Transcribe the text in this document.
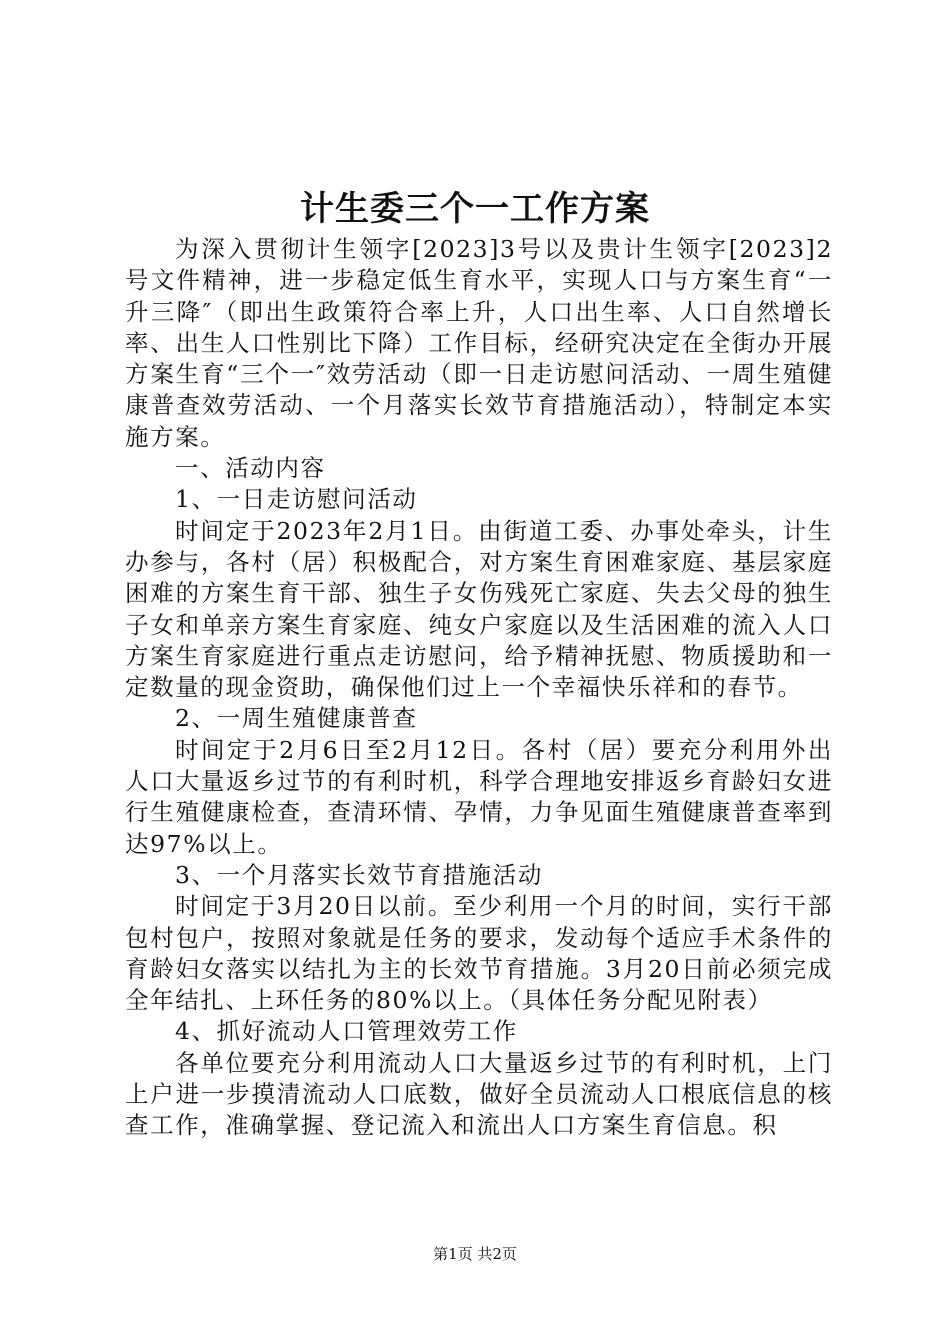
计生委三个一工作方案

为深入贯彻计生领字[2023]3号以及贵计生领字[2023]2号文件精神，进一步稳定低生育水平，实现人口与方案生育“一升三降″（即出生政策符合率上升，人口出生率、人口自然增长率、出生人口性别比下降）工作目标，经研究决定在全街办开展方案生育“三个一″效劳活动（即一日走访慰问活动、一周生殖健康普查效劳活动、一个月落实长效节育措施活动），特制定本实施方案。

一、活动内容

1、一日走访慰问活动

时间定于2023年2月1日。由街道工委、办事处牵头，计生办参与，各村（居）积极配合，对方案生育困难家庭、基层家庭困难的方案生育干部、独生子女伤残死亡家庭、失去父母的独生子女和单亲方案生育家庭、纯女户家庭以及生活困难的流入人口方案生育家庭进行重点走访慰问，给予精神抚慰、物质援助和一定数量的现金资助，确保他们过上一个幸福快乐祥和的春节。

2、一周生殖健康普查

时间定于2月6日至2月12日。各村（居）要充分利用外出人口大量返乡过节的有利时机，科学合理地安排返乡育龄妇女进行生殖健康检查，查清环情、孕情，力争见面生殖健康普查率到达97%以上。

3、一个月落实长效节育措施活动

时间定于3月20日以前。至少利用一个月的时间，实行干部包村包户，按照对象就是任务的要求，发动每个适应手术条件的育龄妇女落实以结扎为主的长效节育措施。3月20日前必须完成全年结扎、上环任务的80%以上。（具体任务分配见附表）

4、抓好流动人口管理效劳工作

各单位要充分利用流动人口大量返乡过节的有利时机，上门上户进一步摸清流动人口底数，做好全员流动人口根底信息的核查工作，准确掌握、登记流入和流出人口方案生育信息。积

第1页 共2页
